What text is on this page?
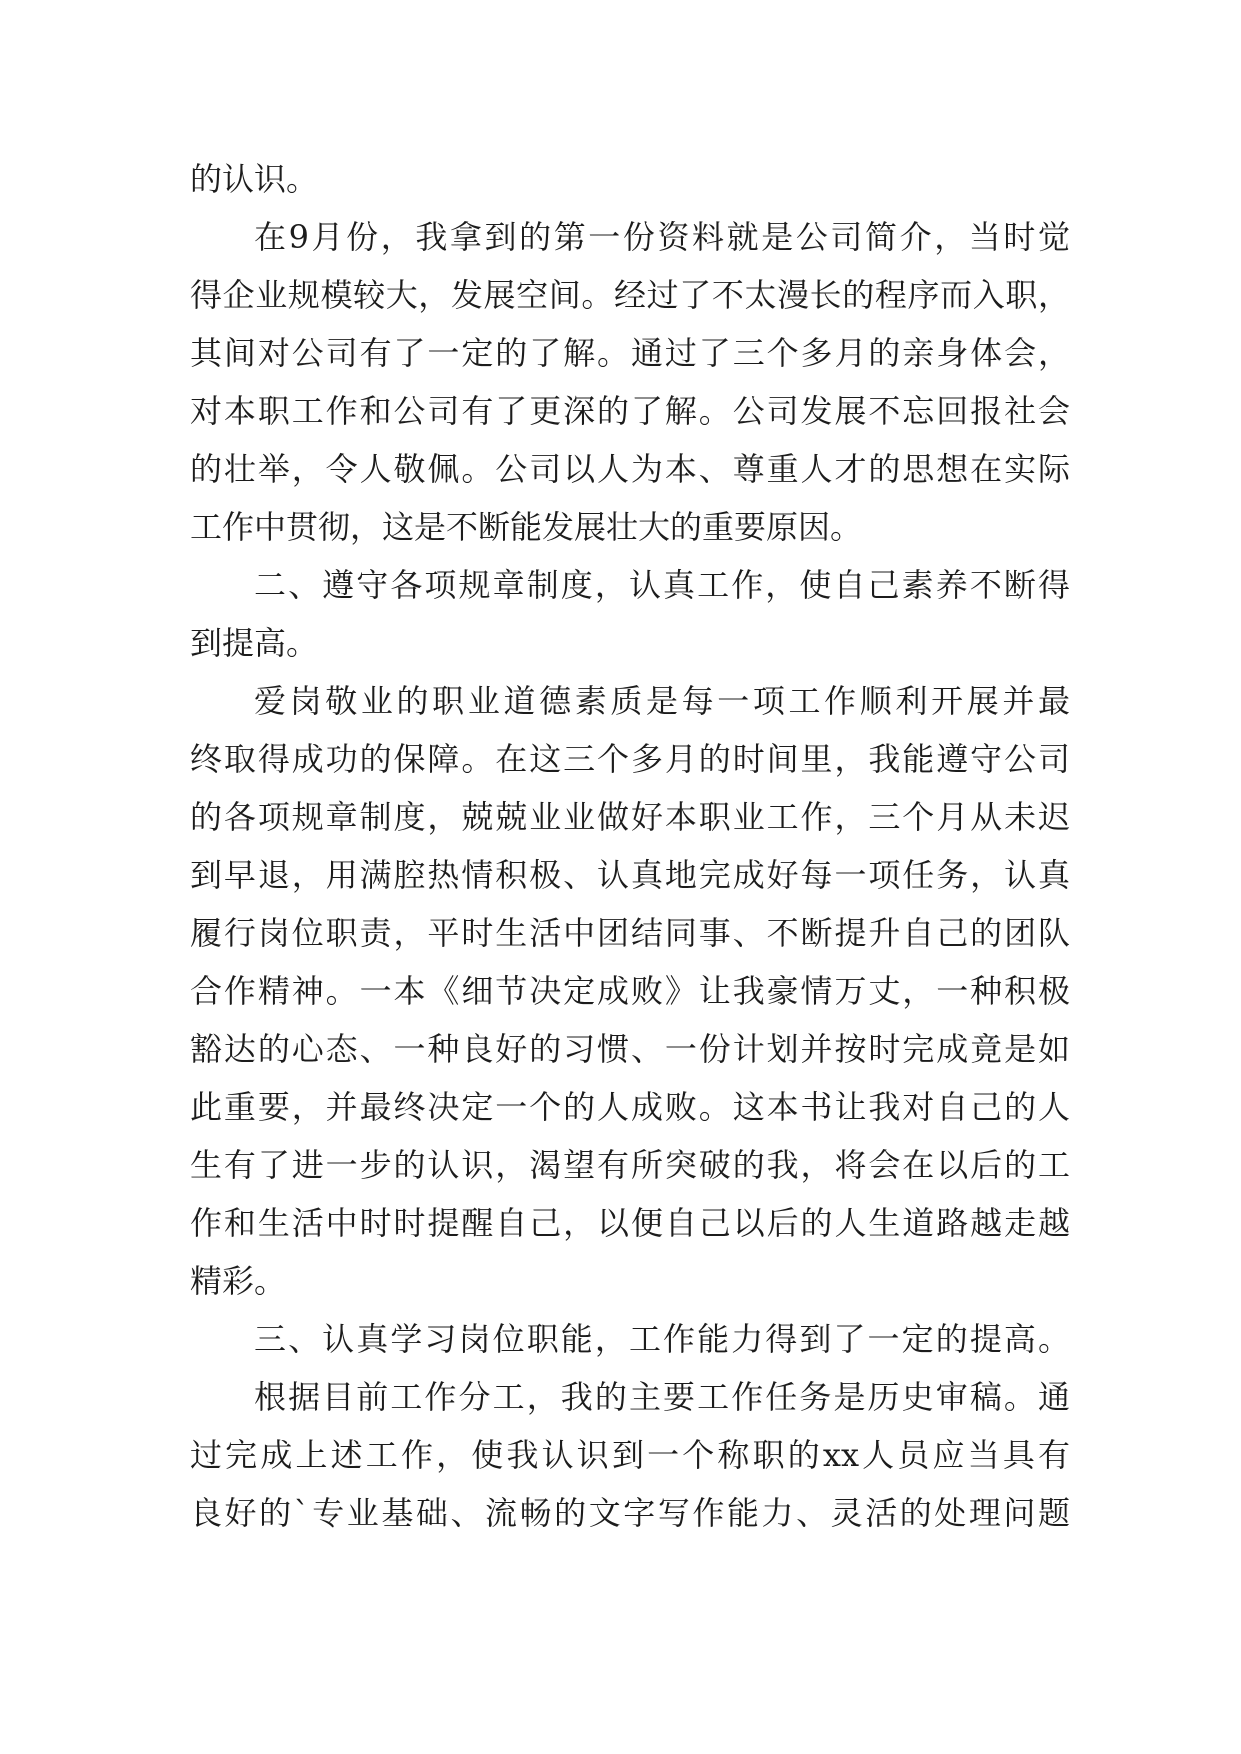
的认识。
在9月份，我拿到的第一份资料就是公司简介，当时觉
得企业规模较大，发展空间。经过了不太漫长的程序而入职，
其间对公司有了一定的了解。通过了三个多月的亲身体会，
对本职工作和公司有了更深的了解。公司发展不忘回报社会
的壮举，令人敬佩。公司以人为本、尊重人才的思想在实际
工作中贯彻，这是不断能发展壮大的重要原因。
二、遵守各项规章制度，认真工作，使自己素养不断得
到提高。
爱岗敬业的职业道德素质是每一项工作顺利开展并最
终取得成功的保障。在这三个多月的时间里，我能遵守公司
的各项规章制度，兢兢业业做好本职业工作，三个月从未迟
到早退，用满腔热情积极、认真地完成好每一项任务，认真
履行岗位职责，平时生活中团结同事、不断提升自己的团队
合作精神。一本《细节决定成败》让我豪情万丈，一种积极
豁达的心态、一种良好的习惯、一份计划并按时完成竟是如
此重要，并最终决定一个的人成败。这本书让我对自己的人
生有了进一步的认识，渴望有所突破的我，将会在以后的工
作和生活中时时提醒自己，以便自己以后的人生道路越走越
精彩。
三、认真学习岗位职能，工作能力得到了一定的提高。
根据目前工作分工，我的主要工作任务是历史审稿。通
过完成上述工作，使我认识到一个称职的xx人员应当具有
良好的`专业基础、流畅的文字写作能力、灵活的处理问题
